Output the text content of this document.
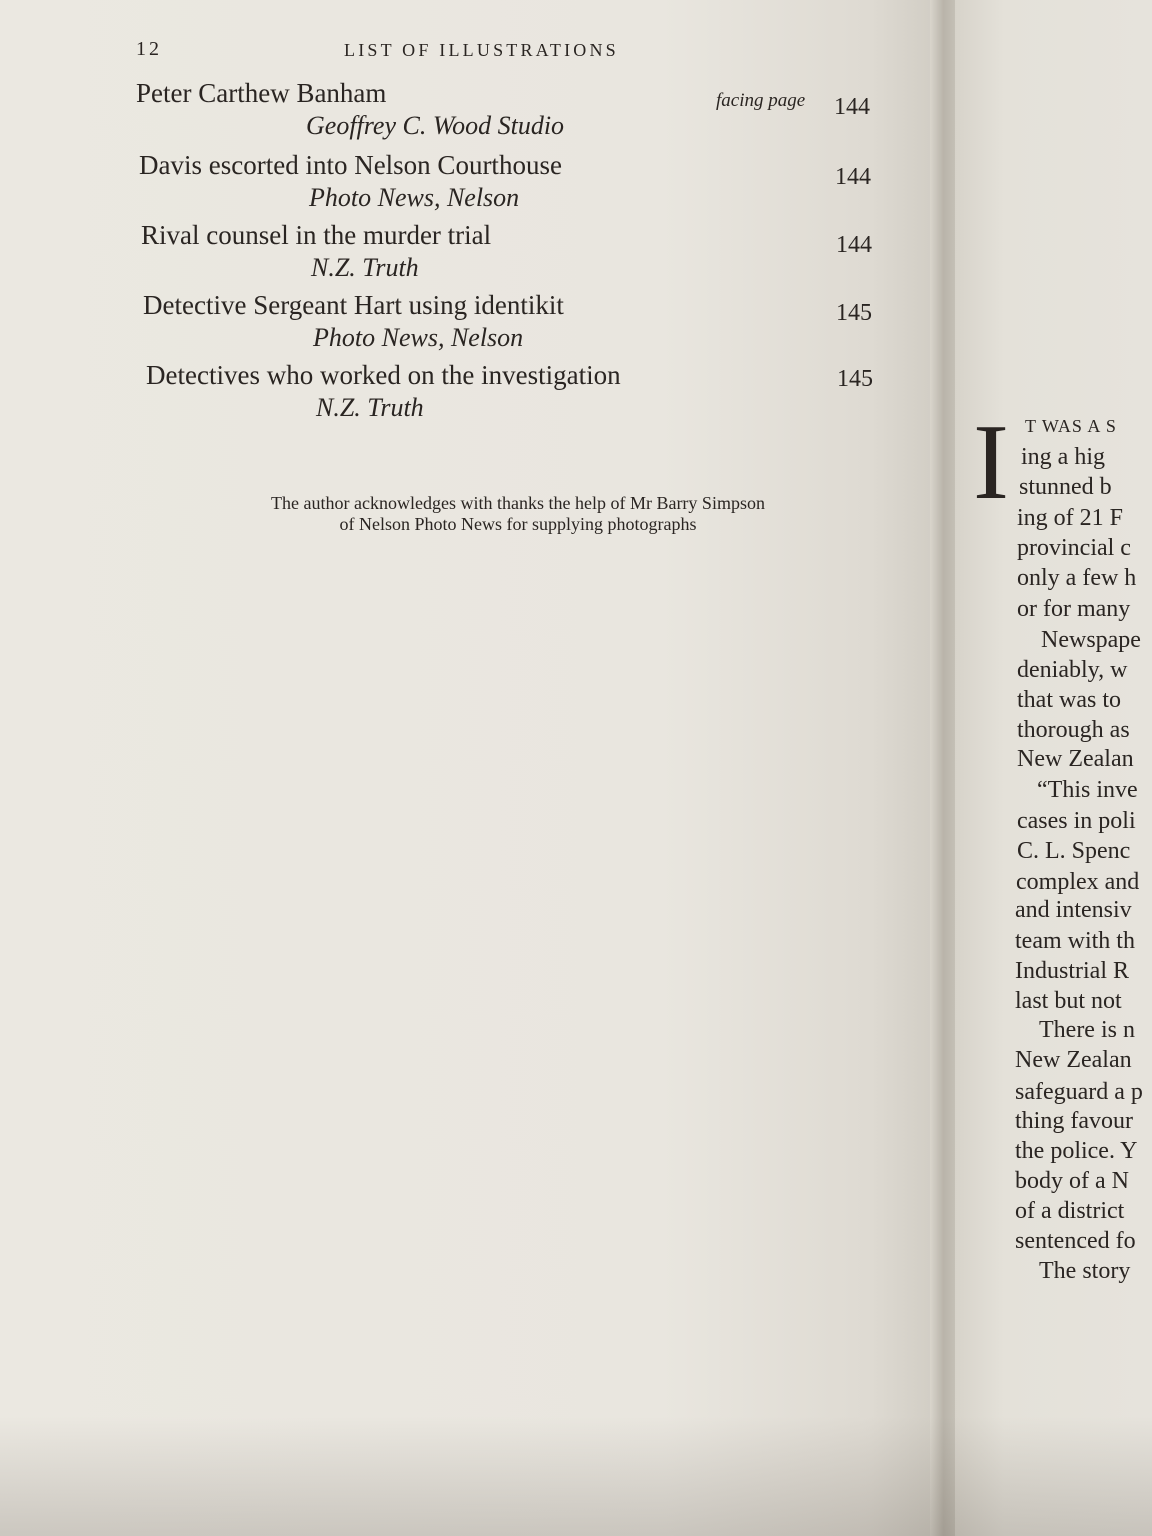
12	LIST OF ILLUSTRATIONS
facing page
Peter Carthew Banham
Geoffrey C. Wood Studio
144
Davis escorted into Nelson Courthouse
Photo News, Nelson
144
Rival counsel in the murder trial
N.Z. Truth
144
Detective Sergeant Hart using identikit
Photo News, Nelson
145
Detectives who worked on the investigation
N.Z. Truth
145
The author acknowledges with thanks the help of Mr Barry Simpson
of Nelson Photo News for supplying photographs
I T WAS A S
ing a hig
stunned b
ing of 21 F
provincial c
only a few h
or for many
Newspape
deniably, w
that was to
thorough as
New Zealan
“This inve
cases in poli
C. L. Spenc
complex and
and intensiv
team with th
Industrial R
last but not
There is n
New Zealan
safeguard a p
thing favour
the police. Y
body of a N
of a district
sentenced fo
The story
